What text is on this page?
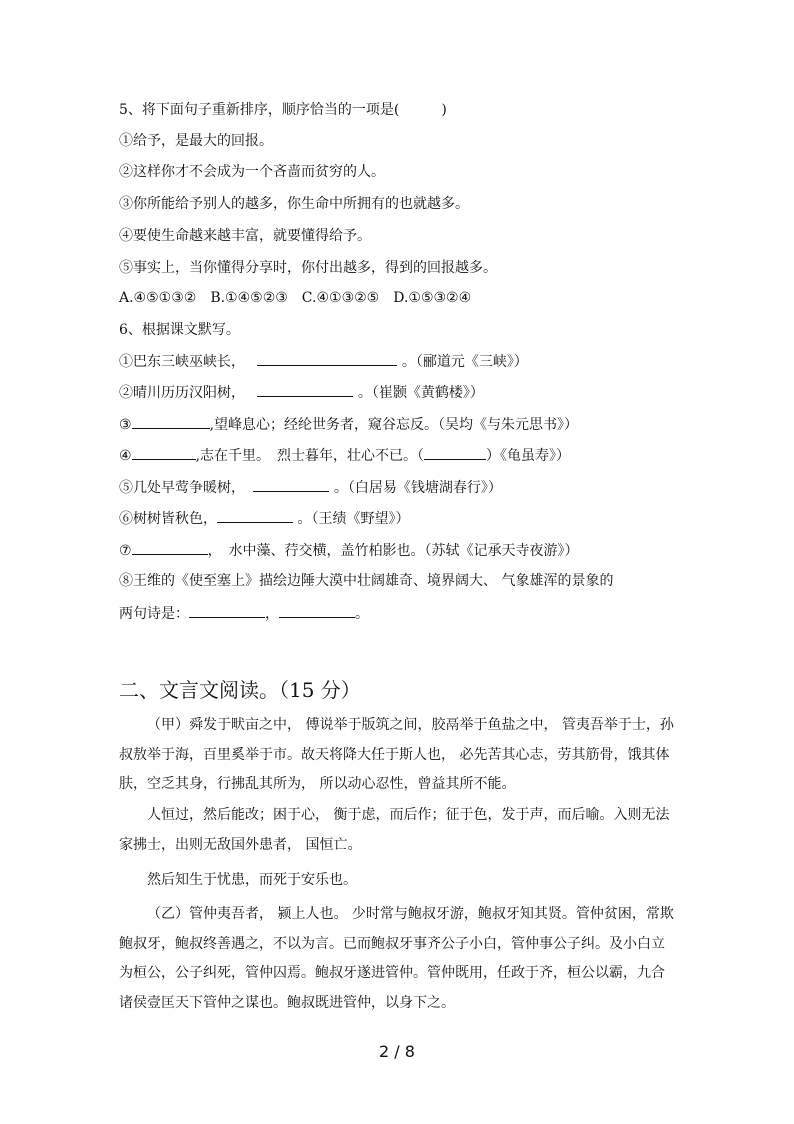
5、将下面句子重新排序，顺序恰当的一项是(　　　)
①给予，是最大的回报。
②这样你才不会成为一个吝啬而贫穷的人。
③你所能给予别人的越多，你生命中所拥有的也就越多。
④要使生命越来越丰富，就要懂得给予。
⑤事实上，当你懂得分享时，你付出越多，得到的回报越多。
A.④⑤①③②　B.①④⑤②③　C.④①③②⑤　D.①⑤③②④
6、根据课文默写。
①巴东三峡巫峡长，	。（郦道元《三峡》）
②晴川历历汉阳树，	。（崔颢《黄鹤楼》）
③	,望峰息心；经纶世务者，窥谷忘反。（吴均《与朱元思书》）
④	,志在千里。　烈士暮年，壮心不已。（	）《龟虽寿》）
⑤几处早莺争暖树，	。（白居易《钱塘湖春行》）
⑥树树皆秋色，	。（王绩《野望》）
⑦	，　水中藻、荇交横，盖竹柏影也。（苏轼《记承天寺夜游》）
⑧王维的《使至塞上》描绘边陲大漠中壮阔雄奇、境界阔大、 气象雄浑的景象的
两句诗是：	，	。
二、文言文阅读。（15 分）
（甲）舜发于畎亩之中， 傅说举于版筑之间，胶鬲举于鱼盐之中， 管夷吾举于士，孙叔敖举于海，百里奚举于市。故天将降大任于斯人也， 必先苦其心志，劳其筋骨，饿其体肤，空乏其身，行拂乱其所为， 所以动心忍性，曾益其所不能。
人恒过，然后能改；困于心， 衡于虑，而后作；征于色，发于声，而后喻。入则无法家拂士，出则无敌国外患者， 国恒亡。
然后知生于忧患，而死于安乐也。
（乙）管仲夷吾者， 颍上人也。 少时常与鲍叔牙游，鲍叔牙知其贤。管仲贫困，常欺鲍叔牙，鲍叔终善遇之，不以为言。已而鲍叔牙事齐公子小白，管仲事公子纠。及小白立为桓公，公子纠死，管仲囚焉。鲍叔牙遂进管仲。管仲既用，任政于齐，桓公以霸，九合诸侯壹匡天下管仲之谋也。鲍叔既进管仲，以身下之。
2 / 8
